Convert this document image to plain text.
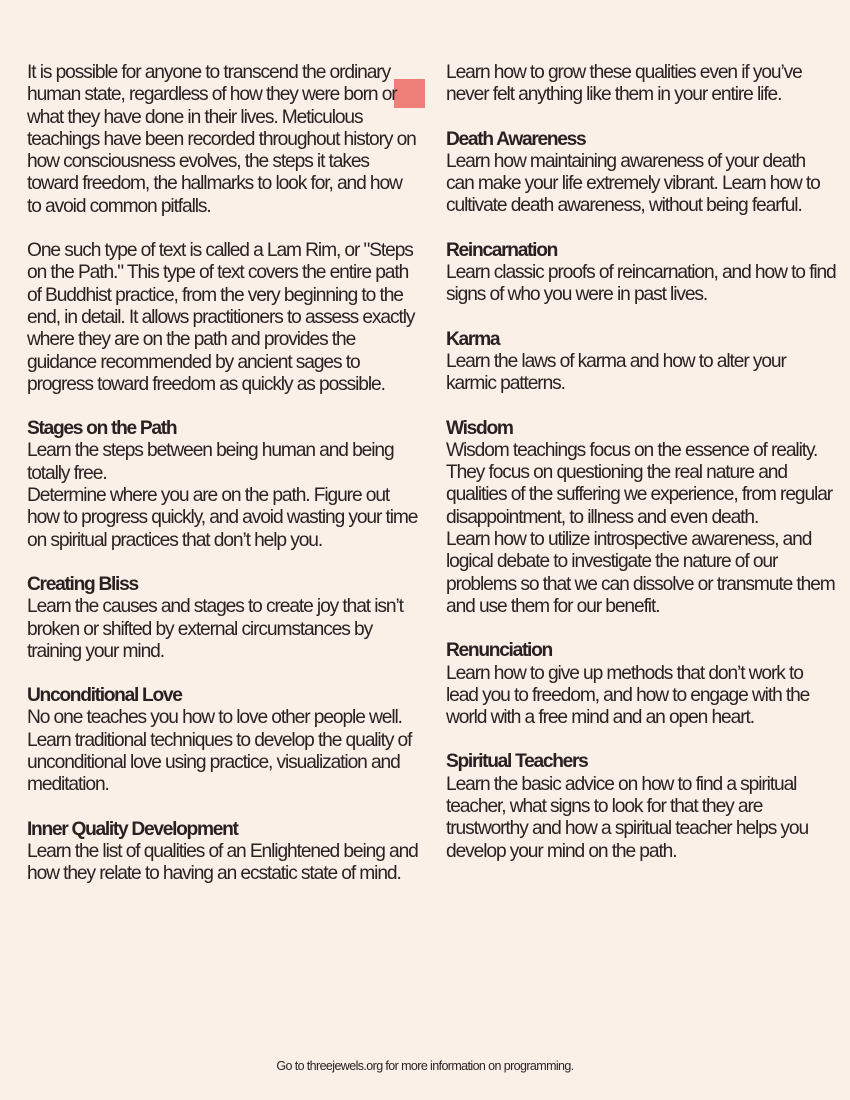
It is possible for anyone to transcend the ordinary human state, regardless of how they were born or what they have done in their lives. Meticulous teachings have been recorded throughout history on how consciousness evolves, the steps it takes toward freedom, the hallmarks to look for, and how to avoid common pitfalls.

One such type of text is called a Lam Rim, or "Steps on the Path." This type of text covers the entire path of Buddhist practice, from the very beginning to the end, in detail. It allows practitioners to assess exactly where they are on the path and provides the guidance recommended by ancient sages to progress toward freedom as quickly as possible.

Stages on the Path
Learn the steps between being human and being totally free.
Determine where you are on the path. Figure out how to progress quickly, and avoid wasting your time on spiritual practices that don’t help you.
Creating Bliss
Learn the causes and stages to create joy that isn’t broken or shifted by external circumstances by training your mind.
Unconditional Love
No one teaches you how to love other people well. Learn traditional techniques to develop the quality of unconditional love using practice, visualization and meditation.
Inner Quality Development
Learn the list of qualities of an Enlightened being and how they relate to having an ecstatic state of mind.

Learn how to grow these qualities even if you’ve never felt anything like them in your entire life.

Death Awareness
Learn how maintaining awareness of your death can make your life extremely vibrant. Learn how to cultivate death awareness, without being fearful.
Reincarnation
Learn classic proofs of reincarnation, and how to find signs of who you were in past lives.
Karma
Learn the laws of karma and how to alter your karmic patterns.
Wisdom
Wisdom teachings focus on the essence of reality. They focus on questioning the real nature and qualities of the suffering we experience, from regular disappointment, to illness and even death.
Learn how to utilize introspective awareness, and logical debate to investigate the nature of our problems so that we can dissolve or transmute them and use them for our benefit.
Renunciation
Learn how to give up methods that don’t work to lead you to freedom, and how to engage with the world with a free mind and an open heart.
Spiritual Teachers
Learn the basic advice on how to find a spiritual teacher, what signs to look for that they are trustworthy and how a spiritual teacher helps you develop your mind on the path.
Go to threejewels.org for more information on programming.
